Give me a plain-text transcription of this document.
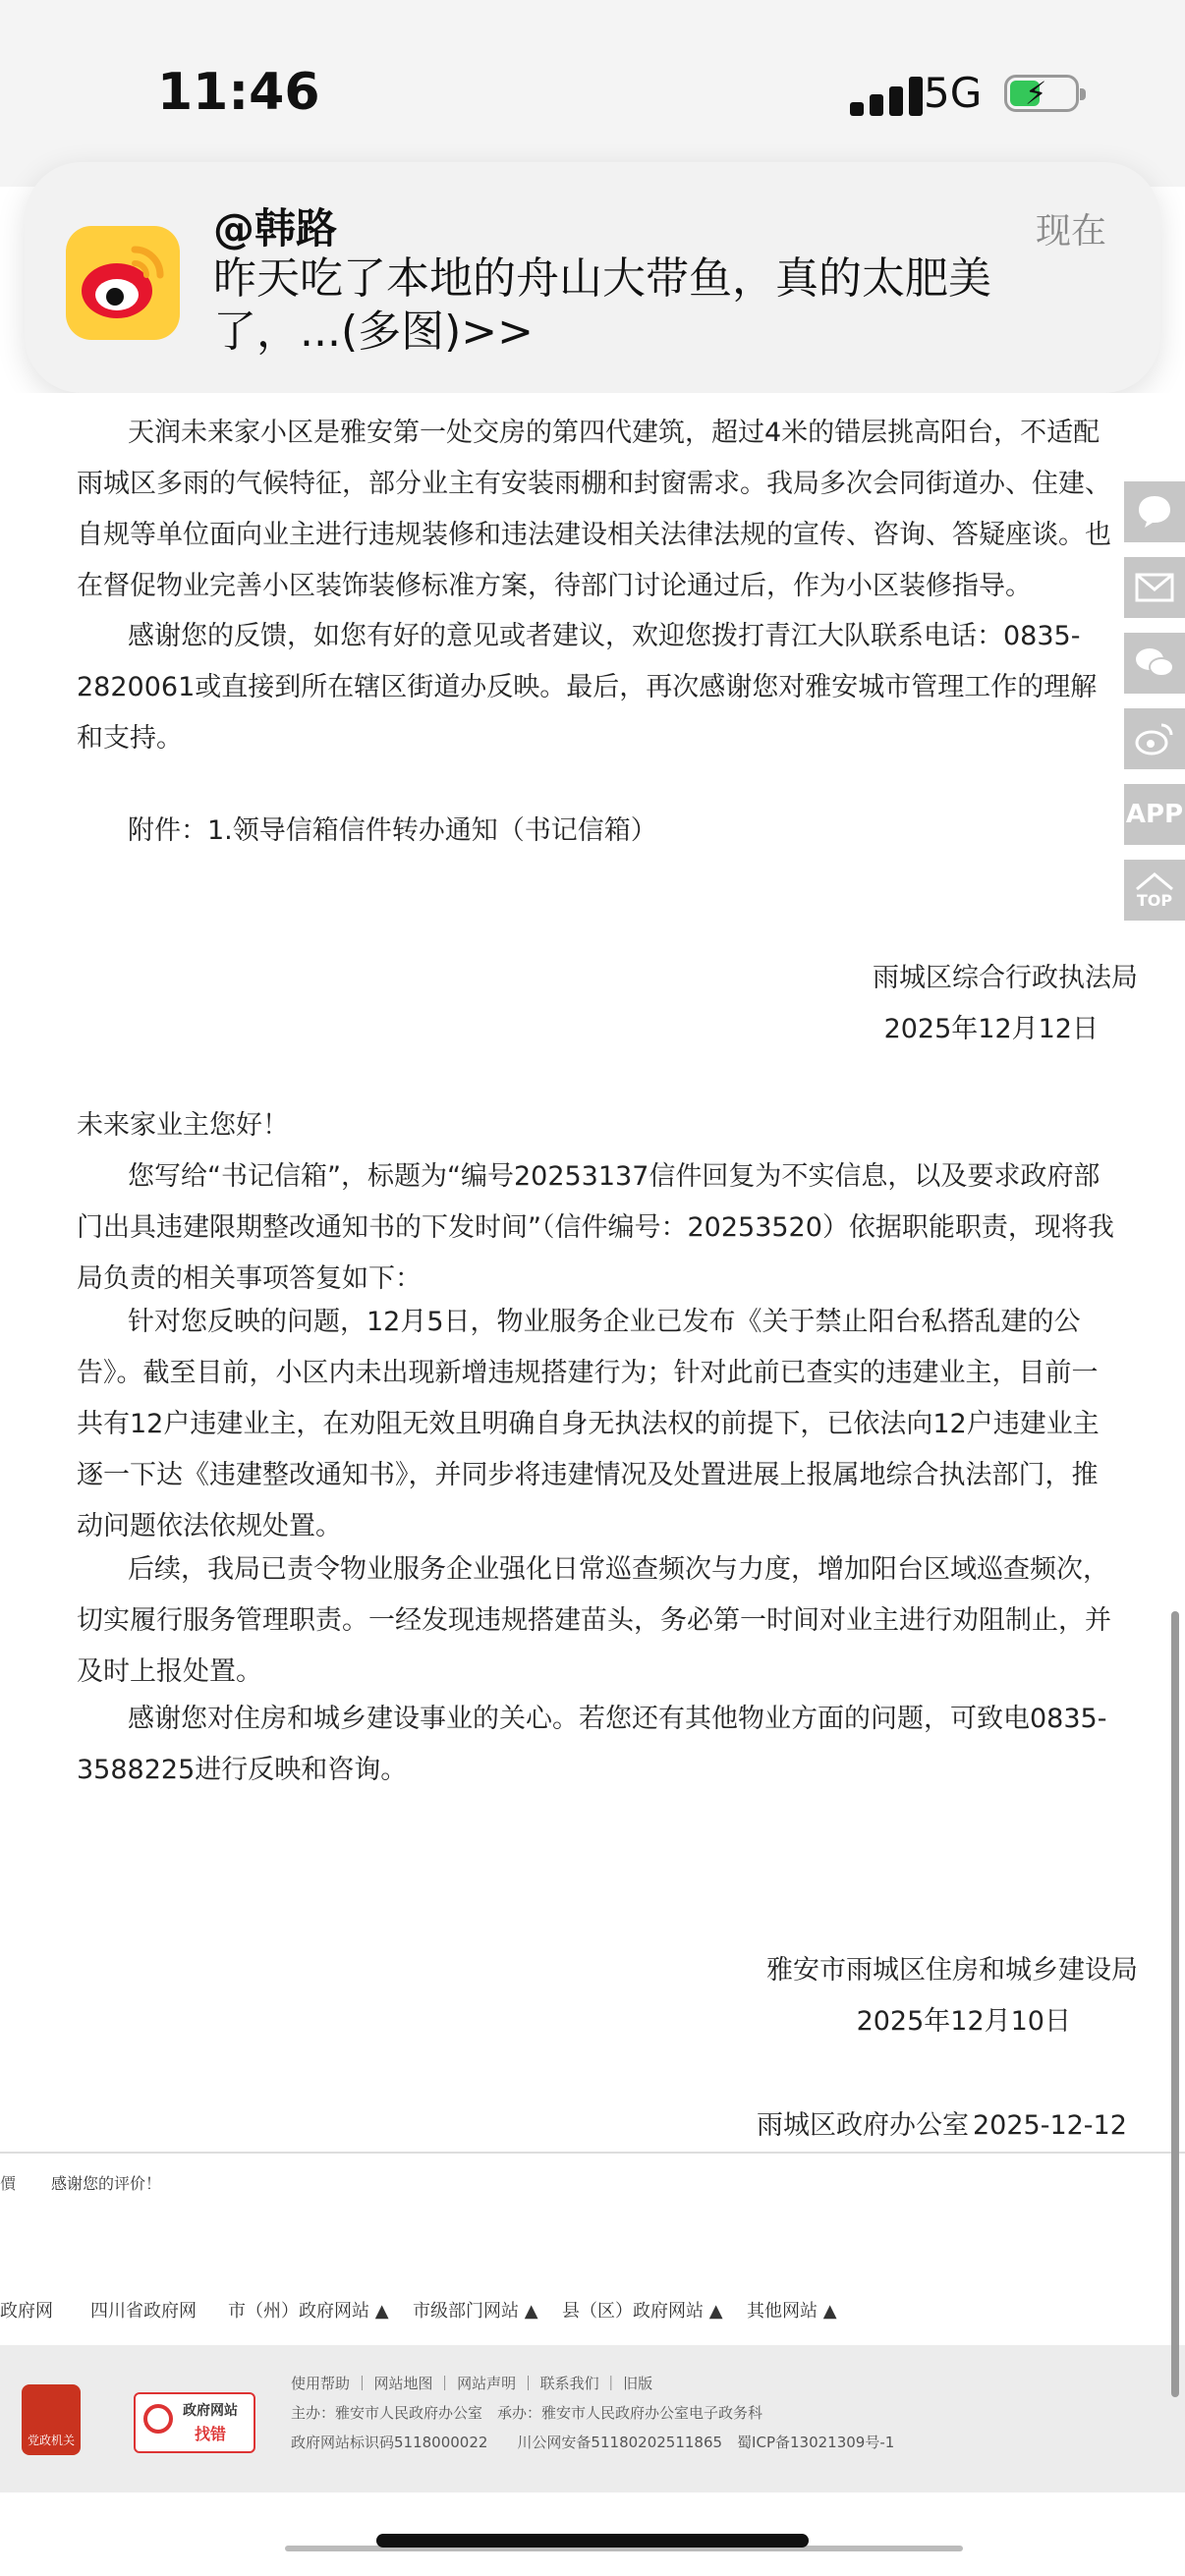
11:46	5G ⚡
@韩路	现在
昨天吃了本地的舟山大带鱼，真的太肥美了，...(多图)>>

天润未来家小区是雅安第一处交房的第四代建筑，超过4米的错层挑高阳台，不适配雨城区多雨的气候特征，部分业主有安装雨棚和封窗需求。我局多次会同街道办、住建、自规等单位面向业主进行违规装修和违法建设相关法律法规的宣传、咨询、答疑座谈。也在督促物业完善小区装饰装修标准方案，待部门讨论通过后，作为小区装修指导。

感谢您的反馈，如您有好的意见或者建议，欢迎您拨打青江大队联系电话：0835-2820061或直接到所在辖区街道办反映。最后，再次感谢您对雅安城市管理工作的理解和支持。

附件：1.领导信箱信件转办通知（书记信箱）

雨城区综合行政执法局

2025年12月12日

未来家业主您好！

您写给“书记信箱”，标题为“编号20253137信件回复为不实信息，以及要求政府部门出具违建限期整改通知书的下发时间”（信件编号：20253520）依据职能职责，现将我局负责的相关事项答复如下：

针对您反映的问题，12月5日，物业服务企业已发布《关于禁止阳台私搭乱建的公告》。截至目前，小区内未出现新增违规搭建行为；针对此前已查实的违建业主，目前一共有12户违建业主，在劝阻无效且明确自身无执法权的前提下，已依法向12户违建业主逐一下达《违建整改通知书》，并同步将违建情况及处置进展上报属地综合执法部门，推动问题依法依规处置。

后续，我局已责令物业服务企业强化日常巡查频次与力度，增加阳台区域巡查频次，切实履行服务管理职责。一经发现违规搭建苗头，务必第一时间对业主进行劝阻制止，并及时上报处置。

感谢您对住房和城乡建设事业的关心。若您还有其他物业方面的问题，可致电0835-3588225进行反映和咨询。

雅安市雨城区住房和城乡建设局

2025年12月10日

雨城区政府办公室 2025-12-12

APP
TOP
價 感谢您的评价！
政府网 四川省政府网 市（州）政府网站 ▲ 市级部门网站 ▲ 县（区）政府网站 ▲ 其他网站 ▲
党政机关
政府网站
找错
使用帮助 ｜ 网站地图 ｜ 网站声明 ｜ 联系我们 ｜ 旧版
主办：雅安市人民政府办公室　承办：雅安市人民政府办公室电子政务科
政府网站标识码5118000022　　川公网安备51180202511865　蜀ICP备13021309号-1
